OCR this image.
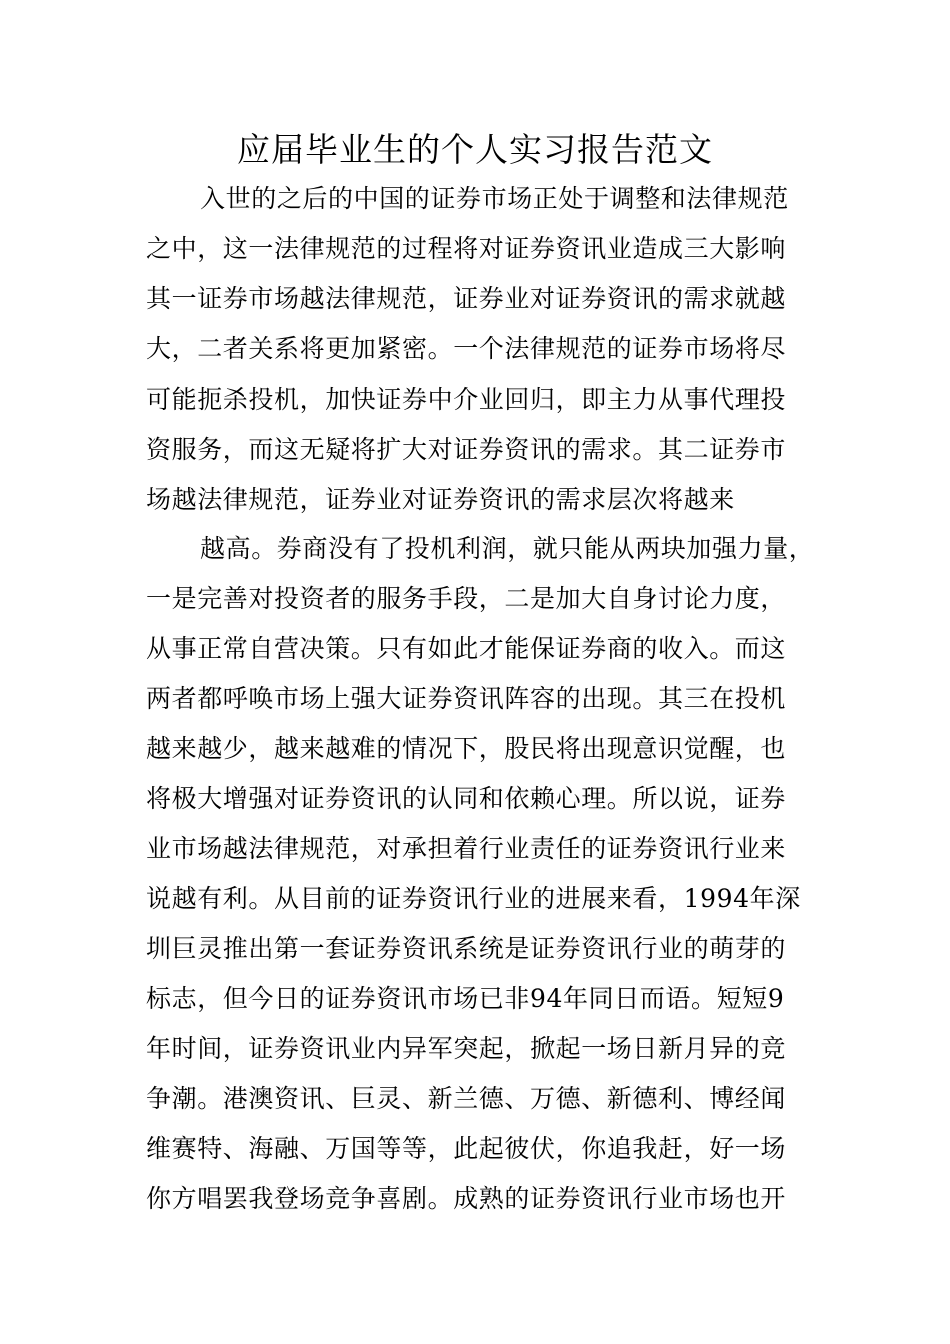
应届毕业生的个人实习报告范文
入世的之后的中国的证券市场正处于调整和法律规范
之中，这一法律规范的过程将对证券资讯业造成三大影响
其一证券市场越法律规范，证券业对证券资讯的需求就越
大，二者关系将更加紧密。一个法律规范的证券市场将尽
可能扼杀投机，加快证券中介业回归，即主力从事代理投
资服务，而这无疑将扩大对证券资讯的需求。其二证券市
场越法律规范，证券业对证券资讯的需求层次将越来
越高。券商没有了投机利润，就只能从两块加强力量，
一是完善对投资者的服务手段，二是加大自身讨论力度，
从事正常自营决策。只有如此才能保证券商的收入。而这
两者都呼唤市场上强大证券资讯阵容的出现。其三在投机
越来越少，越来越难的情况下，股民将出现意识觉醒，也
将极大增强对证券资讯的认同和依赖心理。所以说，证券
业市场越法律规范，对承担着行业责任的证券资讯行业来
说越有利。从目前的证券资讯行业的进展来看，1994年深
圳巨灵推出第一套证券资讯系统是证券资讯行业的萌芽的
标志，但今日的证券资讯市场已非94年同日而语。短短9
年时间，证券资讯业内异军突起，掀起一场日新月异的竞
争潮。港澳资讯、巨灵、新兰德、万德、新德利、博经闻
维赛特、海融、万国等等，此起彼伏，你追我赶，好一场
你方唱罢我登场竞争喜剧。成熟的证券资讯行业市场也开
